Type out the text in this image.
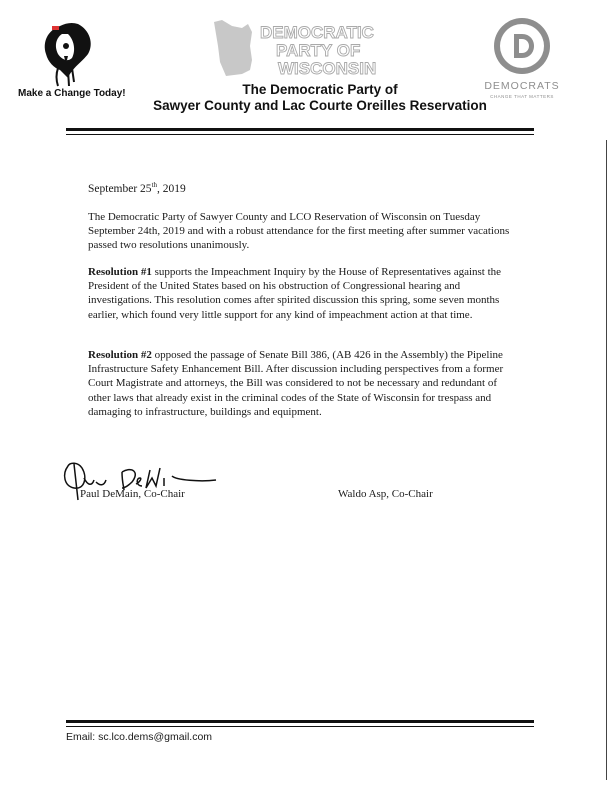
Make a Change Today!
DEMOCRATIC
PARTY OF
WISCONSIN
DEMOCRATS
CHANGE THAT MATTERS
The Democratic Party of
Sawyer County and Lac Courte Oreilles Reservation
September 25th, 2019
The Democratic Party of Sawyer County and LCO Reservation of Wisconsin on Tuesday September 24th, 2019 and with a robust attendance for the first meeting after summer vacations passed two resolutions unanimously.
Resolution #1 supports the Impeachment Inquiry by the House of Representatives against the President of the United States based on his obstruction of Congressional hearing and investigations. This resolution comes after spirited discussion this spring, some seven months earlier, which found very little support for any kind of impeachment action at that time.
Resolution #2 opposed the passage of Senate Bill 386, (AB 426 in the Assembly) the Pipeline Infrastructure Safety Enhancement Bill. After discussion including perspectives from a former Court Magistrate and attorneys, the Bill was considered to not be necessary and redundant of other laws that already exist in the criminal codes of the State of Wisconsin for trespass and damaging to infrastructure, buildings and equipment.
Paul DeMain, Co-Chair	Waldo Asp, Co-Chair
Email: sc.lco.dems@gmail.com
